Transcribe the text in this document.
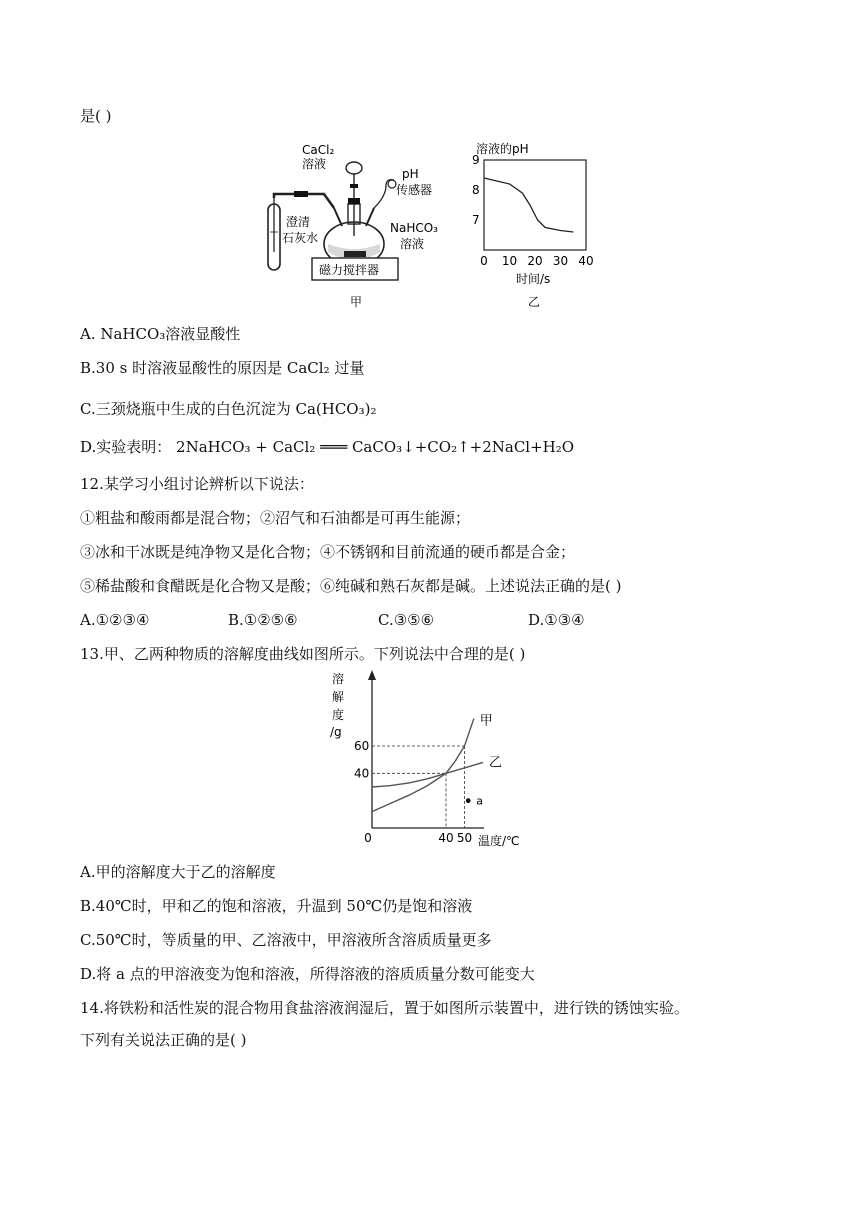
是( )
CaCl₂
溶液
pH
传感器
澄清
石灰水
NaHCO₃
溶液
磁力搅拌器
甲
溶液的pH
0 10 20 30 40
9
8
7
时间/s
乙
A. NaHCO₃溶液显酸性
B.30 s 时溶液显酸性的原因是 CaCl₂ 过量
C.三颈烧瓶中生成的白色沉淀为 Ca(HCO₃)₂
D.实验表明： 2NaHCO₃ + CaCl₂ ═══ CaCO₃↓+CO₂↑+2NaCl+H₂O
12.某学习小组讨论辨析以下说法：
①粗盐和酸雨都是混合物；②沼气和石油都是可再生能源；
③冰和干冰既是纯净物又是化合物；④不锈钢和目前流通的硬币都是合金；
⑤稀盐酸和食醋既是化合物又是酸；⑥纯碱和熟石灰都是碱。上述说法正确的是( )
A.①②③④	B.①②⑤⑥	C.③⑤⑥	D.①③④
13.甲、乙两种物质的溶解度曲线如图所示。下列说法中合理的是( )
溶
解
度
/g
60
40
0	40 50
甲
乙
a
温度/℃
A.甲的溶解度大于乙的溶解度
B.40℃时，甲和乙的饱和溶液，升温到 50℃仍是饱和溶液
C.50℃时，等质量的甲、乙溶液中，甲溶液所含溶质质量更多
D.将 a 点的甲溶液变为饱和溶液，所得溶液的溶质质量分数可能变大
14.将铁粉和活性炭的混合物用食盐溶液润湿后，置于如图所示装置中，进行铁的锈蚀实验。
下列有关说法正确的是( )
